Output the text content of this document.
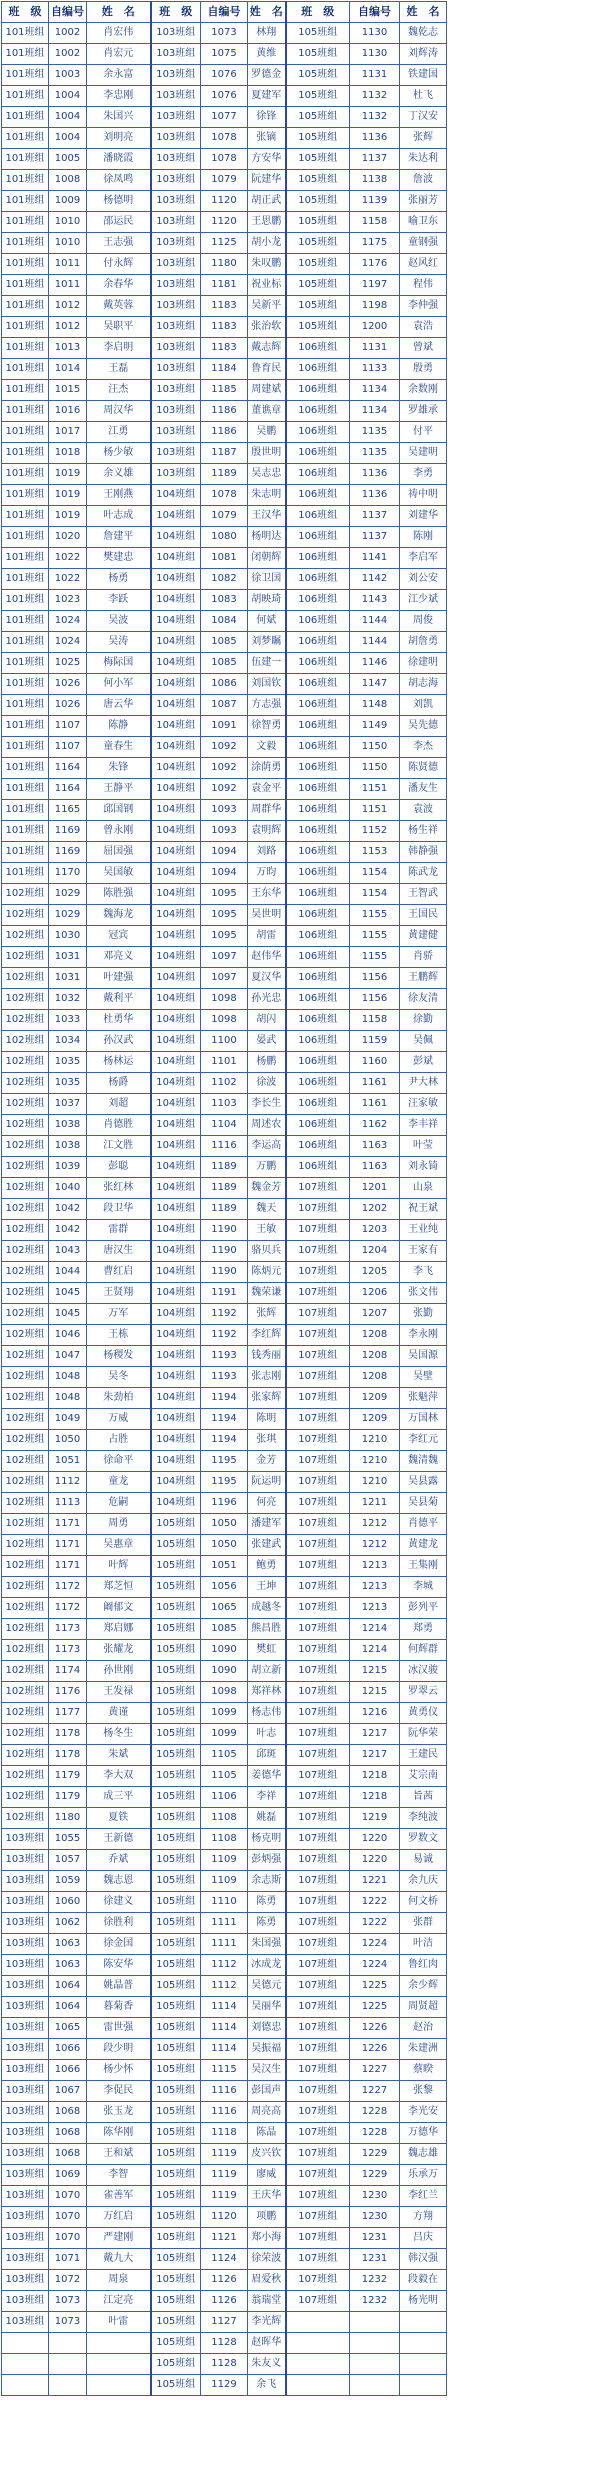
班　级	自编号	姓　名	班　级	自编号	姓　名	班　级	自编号	姓　名
101班组	1002	肖宏伟	103班组	1073	林翔	105班组	1130	魏乾志
101班组	1002	肖宏元	103班组	1075	黄维	105班组	1130	刘辉涛
101班组	1003	余永富	103班组	1076	罗德金	105班组	1131	铁建国
101班组	1004	李忠刚	103班组	1076	夏建军	105班组	1132	杜飞
101班组	1004	朱国兴	103班组	1077	徐锋	105班组	1132	丁汉安
101班组	1004	刘明亮	103班组	1078	张镝	105班组	1136	张辉
101班组	1005	潘晓霞	103班组	1078	方安华	105班组	1137	朱达利
101班组	1008	徐凤鸣	103班组	1079	阮建华	105班组	1138	詹波
101班组	1009	杨德明	103班组	1120	胡正武	105班组	1139	张丽芳
101班组	1010	邵运民	103班组	1120	王思鹏	105班组	1158	喻卫东
101班组	1010	王志强	103班组	1125	胡小龙	105班组	1175	童钢强
101班组	1011	付永辉	103班组	1180	朱叹鹏	105班组	1176	赵风红
101班组	1011	余春华	103班组	1181	祝业标	105班组	1197	程伟
101班组	1012	戴英蓉	103班组	1183	吴新平	105班组	1198	李仲强
101班组	1012	吴职平	103班组	1183	张治软	105班组	1200	袁浩
101班组	1013	李启明	103班组	1183	戴志辉	106班组	1131	曾斌
101班组	1014	王磊	103班组	1184	鲁育民	106班组	1133	殷勇
101班组	1015	汪杰	103班组	1185	周建斌	106班组	1134	余数刚
101班组	1016	周汉华	103班组	1186	董谯章	106班组	1134	罗雄承
101班组	1017	江勇	103班组	1186	吴鹏	106班组	1135	付平
101班组	1018	杨少敏	103班组	1187	殷世明	106班组	1135	吴建明
101班组	1019	余义雄	103班组	1189	吴志忠	106班组	1136	李勇
101班组	1019	王刚燕	104班组	1078	朱志明	106班组	1136	祷中明
101班组	1019	叶志成	104班组	1079	王汉华	106班组	1137	刘建华
101班组	1020	詹建平	104班组	1080	杨明达	106班组	1137	陈刚
101班组	1022	樊建忠	104班组	1081	闭朝辉	106班组	1141	李启军
101班组	1022	杨勇	104班组	1082	徐卫国	106班组	1142	刘公安
101班组	1023	李跃	104班组	1083	胡映琦	106班组	1143	江少斌
101班组	1024	吴波	104班组	1084	何斌	106班组	1144	周俊
101班组	1024	吴涛	104班组	1085	刘梦瞩	106班组	1144	胡詹勇
101班组	1025	梅际国	104班组	1085	伍建一	106班组	1146	徐建明
101班组	1026	何小军	104班组	1086	刘国钦	106班组	1147	胡志海
101班组	1026	唐云华	104班组	1087	方志强	106班组	1148	刘凯
101班组	1107	陈静	104班组	1091	徐智勇	106班组	1149	吴先德
101班组	1107	童春生	104班组	1092	文毅	106班组	1150	李杰
101班组	1164	朱锋	104班组	1092	涂荫勇	106班组	1150	陈贤德
101班组	1164	王静平	104班组	1092	袁金平	106班组	1151	潘友生
101班组	1165	邱国钢	104班组	1093	周群华	106班组	1151	袁波
101班组	1169	曾永刚	104班组	1093	袁明辉	106班组	1152	杨生祥
101班组	1169	屈国强	104班组	1094	刘路	106班组	1153	韩静强
101班组	1170	吴国敏	104班组	1094	万昀	106班组	1154	陈武龙
102班组	1029	陈胜强	104班组	1095	王东华	106班组	1154	王智武
102班组	1029	魏海龙	104班组	1095	吴世明	106班组	1155	王国民
102班组	1030	冠宾	104班组	1095	胡雷	106班组	1155	黄建健
102班组	1031	邓亮义	104班组	1097	赵伟华	106班组	1155	肖骄
102班组	1031	叶建强	104班组	1097	夏汉华	106班组	1156	王鹏辉
102班组	1032	戴利平	104班组	1098	孙光忠	106班组	1156	徐友清
102班组	1033	杜勇华	104班组	1098	胡闪	106班组	1158	徐勤
102班组	1034	孙汉武	104班组	1100	晏武	106班组	1159	吴佩
102班组	1035	杨林运	104班组	1101	杨鹏	106班组	1160	彭斌
102班组	1035	杨爵	104班组	1102	徐波	106班组	1161	尹大林
102班组	1037	刘超	104班组	1103	李长生	106班组	1161	汪家敏
102班组	1038	肖德胜	104班组	1104	周述农	106班组	1162	李丰祥
102班组	1038	江文胜	104班组	1116	李运高	106班组	1163	叶莹
102班组	1039	彭聪	104班组	1189	万鹏	106班组	1163	刘永锜
102班组	1040	张红林	104班组	1189	魏金芳	107班组	1201	山泉
102班组	1042	段卫华	104班组	1189	魏天	107班组	1202	祝王斌
102班组	1042	雷群	104班组	1190	王敏	107班组	1203	王业纯
102班组	1043	唐汉生	104班组	1190	骆贝兵	107班组	1204	王家有
102班组	1044	曹红启	104班组	1190	陈炳元	107班组	1205	李飞
102班组	1045	王贤翔	104班组	1191	魏荣谦	107班组	1206	张文伟
102班组	1045	万军	104班组	1192	张辉	107班组	1207	张勤
102班组	1046	王栋	104班组	1192	李红辉	107班组	1208	李永刚
102班组	1047	杨稷发	104班组	1193	钱秀丽	107班组	1208	吴国源
102班组	1048	吴冬	104班组	1193	张志刚	107班组	1208	吴壁
102班组	1048	朱劲柏	104班组	1194	张家辉	107班组	1209	张魁萍
102班组	1049	万威	104班组	1194	陈明	107班组	1209	万国林
102班组	1050	占胜	104班组	1194	张琪	107班组	1210	李红元
102班组	1051	徐命平	104班组	1195	金芳	107班组	1210	魏清魏
102班组	1112	童龙	104班组	1195	阮运明	107班组	1210	吴县露
102班组	1113	危嗣	104班组	1196	何亮	107班组	1211	吴县菊
102班组	1171	周勇	105班组	1050	潘建军	107班组	1212	肖德平
102班组	1171	吴惠章	105班组	1050	张建武	107班组	1212	黄建龙
102班组	1171	叶辉	105班组	1051	鲍勇	107班组	1213	王集刚
102班组	1172	郑芝恒	105班组	1056	王坤	107班组	1213	李城
102班组	1172	阚郁文	105班组	1065	成越冬	107班组	1213	彭列平
102班组	1173	郑启娜	105班组	1085	熊昌胜	107班组	1214	郑勇
102班组	1173	张耀龙	105班组	1090	樊虹	107班组	1214	何辉群
102班组	1174	孙世刚	105班组	1090	胡立新	107班组	1215	冰汉骏
102班组	1176	王发禄	105班组	1098	郑祥林	107班组	1215	罗翠云
102班组	1177	黄谨	105班组	1099	杨志伟	107班组	1216	黄勇仪
102班组	1178	杨冬生	105班组	1099	叶志	107班组	1217	阮华荣
102班组	1178	朱斌	105班组	1105	邱斑	107班组	1217	王建民
102班组	1179	李大双	105班组	1105	姜德华	107班组	1218	艾宗南
102班组	1179	成三平	105班组	1106	李祥	107班组	1218	旨茜
102班组	1180	夏铁	105班组	1108	姚磊	107班组	1219	李纯波
103班组	1055	王新德	105班组	1108	杨克明	107班组	1220	罗数文
103班组	1057	乔斌	105班组	1109	彭炳强	107班组	1220	易诚
103班组	1059	魏志恩	105班组	1109	余志斯	107班组	1221	余九庆
103班组	1060	徐建义	105班组	1110	陈勇	107班组	1222	何文桥
103班组	1062	徐胜利	105班组	1111	陈勇	107班组	1222	张群
103班组	1063	徐金国	105班组	1111	朱国强	107班组	1224	叶洁
103班组	1063	陈安华	105班组	1112	冰成龙	107班组	1224	鲁红肉
103班组	1064	姚晶普	105班组	1112	吴德元	107班组	1225	余少辉
103班组	1064	暮菊香	105班组	1114	吴丽华	107班组	1225	周贤超
103班组	1065	雷世强	105班组	1114	刘德忠	107班组	1226	赵治
103班组	1066	段少明	105班组	1114	吴振福	107班组	1226	朱建洲
103班组	1066	杨少怀	105班组	1115	吴汉生	107班组	1227	蔡睽
103班组	1067	李促民	105班组	1116	彭国声	107班组	1227	张黎
103班组	1068	张玉龙	105班组	1116	周亮高	107班组	1228	李光安
103班组	1068	陈华刚	105班组	1118	陈晶	107班组	1228	万德华
103班组	1068	王和斌	105班组	1119	皮兴钦	107班组	1229	魏志雄
103班组	1069	李智	105班组	1119	廖威	107班组	1229	乐承万
103班组	1070	雀善军	105班组	1119	王庆华	107班组	1230	李红兰
103班组	1070	万红启	105班组	1120	项鹏	107班组	1230	方翔
103班组	1070	严建刚	105班组	1121	郑小海	107班组	1231	吕庆
103班组	1071	戴九大	105班组	1124	徐荣波	107班组	1231	韩汉强
103班组	1072	周泉	105班组	1126	眉爱秋	107班组	1232	段毅在
103班组	1073	江定亮	105班组	1126	翁瑞堂	107班组	1232	杨光明
103班组	1073	叶雷	105班组	1127	李光辉			
			105班组	1128	赵晖华			
			105班组	1128	朱友义			
			105班组	1129	余飞			
